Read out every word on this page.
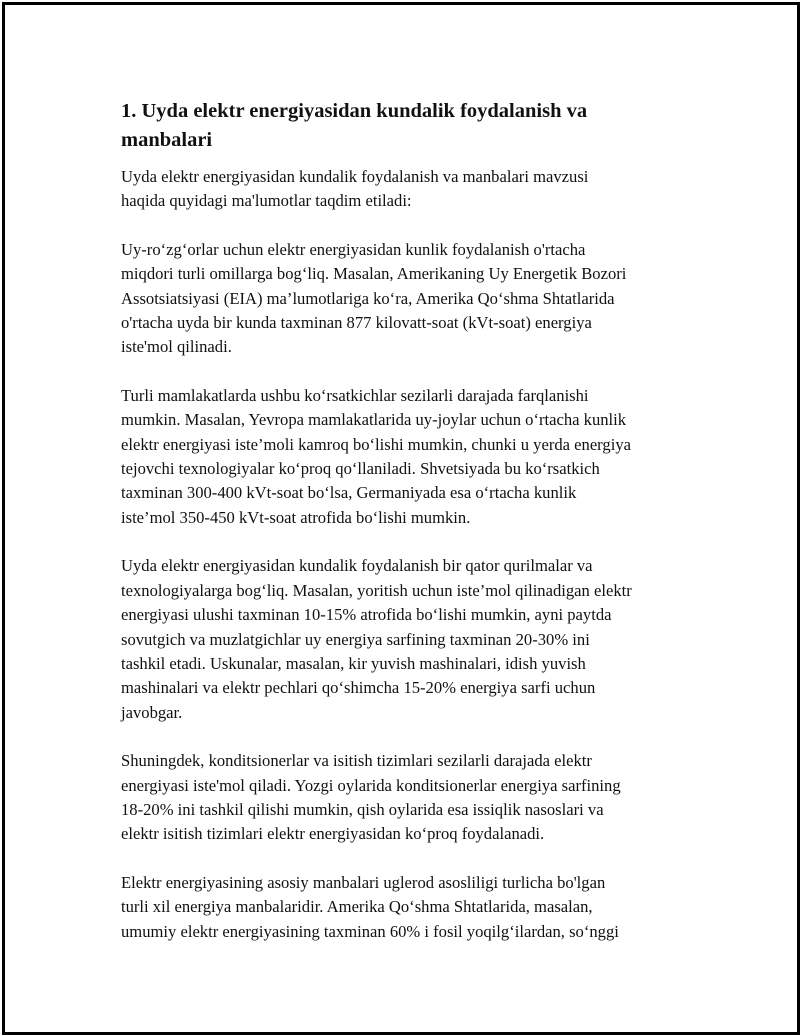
1. Uyda elektr energiyasidan kundalik foydalanish va
manbalari

Uyda elektr energiyasidan kundalik foydalanish va manbalari mavzusi
haqida quyidagi ma'lumotlar taqdim etiladi:

Uy-ro‘zg‘orlar uchun elektr energiyasidan kunlik foydalanish o'rtacha
miqdori turli omillarga bog‘liq. Masalan, Amerikaning Uy Energetik Bozori
Assotsiatsiyasi (EIA) ma’lumotlariga ko‘ra, Amerika Qo‘shma Shtatlarida
o'rtacha uyda bir kunda taxminan 877 kilovatt-soat (kVt-soat) energiya
iste'mol qilinadi.

Turli mamlakatlarda ushbu ko‘rsatkichlar sezilarli darajada farqlanishi
mumkin. Masalan, Yevropa mamlakatlarida uy-joylar uchun o‘rtacha kunlik
elektr energiyasi iste’moli kamroq bo‘lishi mumkin, chunki u yerda energiya
tejovchi texnologiyalar ko‘proq qo‘llaniladi. Shvetsiyada bu ko‘rsatkich
taxminan 300-400 kVt-soat bo‘lsa, Germaniyada esa o‘rtacha kunlik
iste’mol 350-450 kVt-soat atrofida bo‘lishi mumkin.

Uyda elektr energiyasidan kundalik foydalanish bir qator qurilmalar va
texnologiyalarga bog‘liq. Masalan, yoritish uchun iste’mol qilinadigan elektr
energiyasi ulushi taxminan 10-15% atrofida bo‘lishi mumkin, ayni paytda
sovutgich va muzlatgichlar uy energiya sarfining taxminan 20-30% ini
tashkil etadi. Uskunalar, masalan, kir yuvish mashinalari, idish yuvish
mashinalari va elektr pechlari qo‘shimcha 15-20% energiya sarfi uchun
javobgar.

Shuningdek, konditsionerlar va isitish tizimlari sezilarli darajada elektr
energiyasi iste'mol qiladi. Yozgi oylarida konditsionerlar energiya sarfining
18-20% ini tashkil qilishi mumkin, qish oylarida esa issiqlik nasoslari va
elektr isitish tizimlari elektr energiyasidan ko‘proq foydalanadi.

Elektr energiyasining asosiy manbalari uglerod asosliligi turlicha bo'lgan
turli xil energiya manbalaridir. Amerika Qo‘shma Shtatlarida, masalan,
umumiy elektr energiyasining taxminan 60% i fosil yoqilg‘ilardan, so‘nggi
